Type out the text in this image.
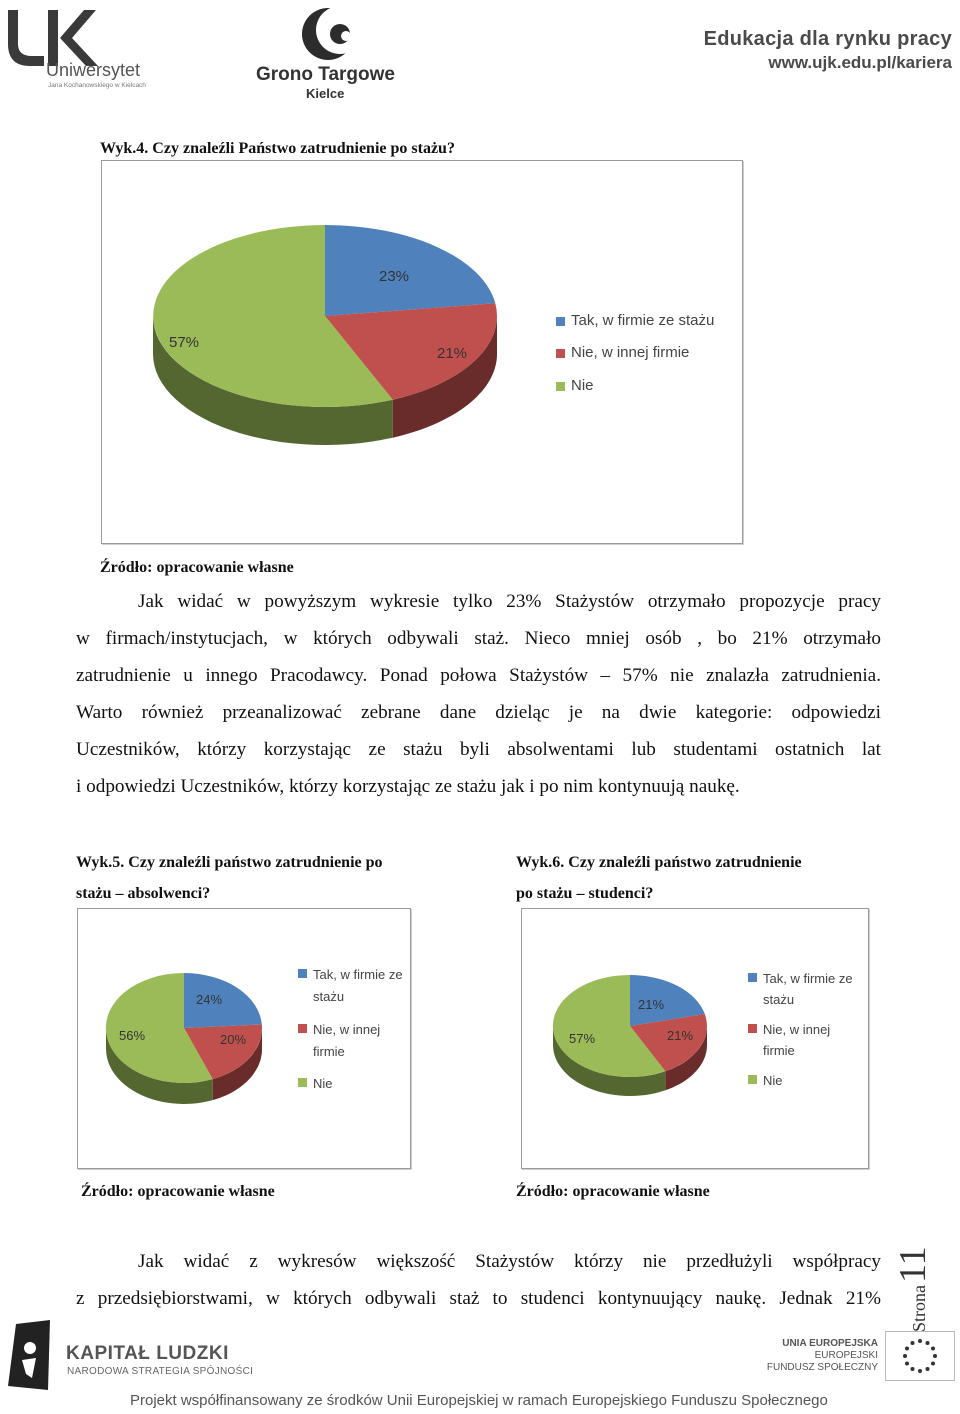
Uniwersytet
Jana Kochanowskiego w Kielcach
Grono Targowe
Kielce
Edukacja dla rynku pracy
www.ujk.edu.pl/kariera
Wyk.4. Czy znaleźli Państwo zatrudnienie po stażu?
23%
21%
57%
Tak, w firmie ze stażu
Nie, w innej firmie
Nie
Źródło: opracowanie własne
Jak widać w powyższym wykresie tylko 23% Stażystów otrzymało propozycje pracy
w firmach/instytucjach, w których odbywali staż. Nieco mniej osób , bo 21% otrzymało
zatrudnienie u innego Pracodawcy. Ponad połowa Stażystów – 57% nie znalazła zatrudnienia.
Warto również przeanalizować zebrane dane dzieląc je na dwie kategorie: odpowiedzi
Uczestników, którzy korzystając ze stażu byli absolwentami lub studentami ostatnich lat
i odpowiedzi Uczestników, którzy korzystając ze stażu jak i po nim kontynuują naukę.
Wyk.5. Czy znaleźli państwo zatrudnienie po
stażu – absolwenci?
Wyk.6. Czy znaleźli państwo zatrudnienie
po stażu – studenci?
24%
20%
56%
Tak, w firmie ze stażu
Nie, w innej firmie
Nie
21%
21%
57%
Tak, w firmie ze stażu
Nie, w innej firmie
Nie
Źródło: opracowanie własne	Źródło: opracowanie własne
Jak widać z wykresów większość Stażystów którzy nie przedłużyli współpracy
z przedsiębiorstwami, w których odbywali staż to studenci kontynuujący naukę. Jednak 21%	Strona11
KAPITAŁ LUDZKI
NARODOWA STRATEGIA SPÓJNOŚCI
UNIA EUROPEJSKA
EUROPEJSKI
FUNDUSZ SPOŁECZNY
Projekt współfinansowany ze środków Unii Europejskiej w ramach Europejskiego Funduszu Społecznego
